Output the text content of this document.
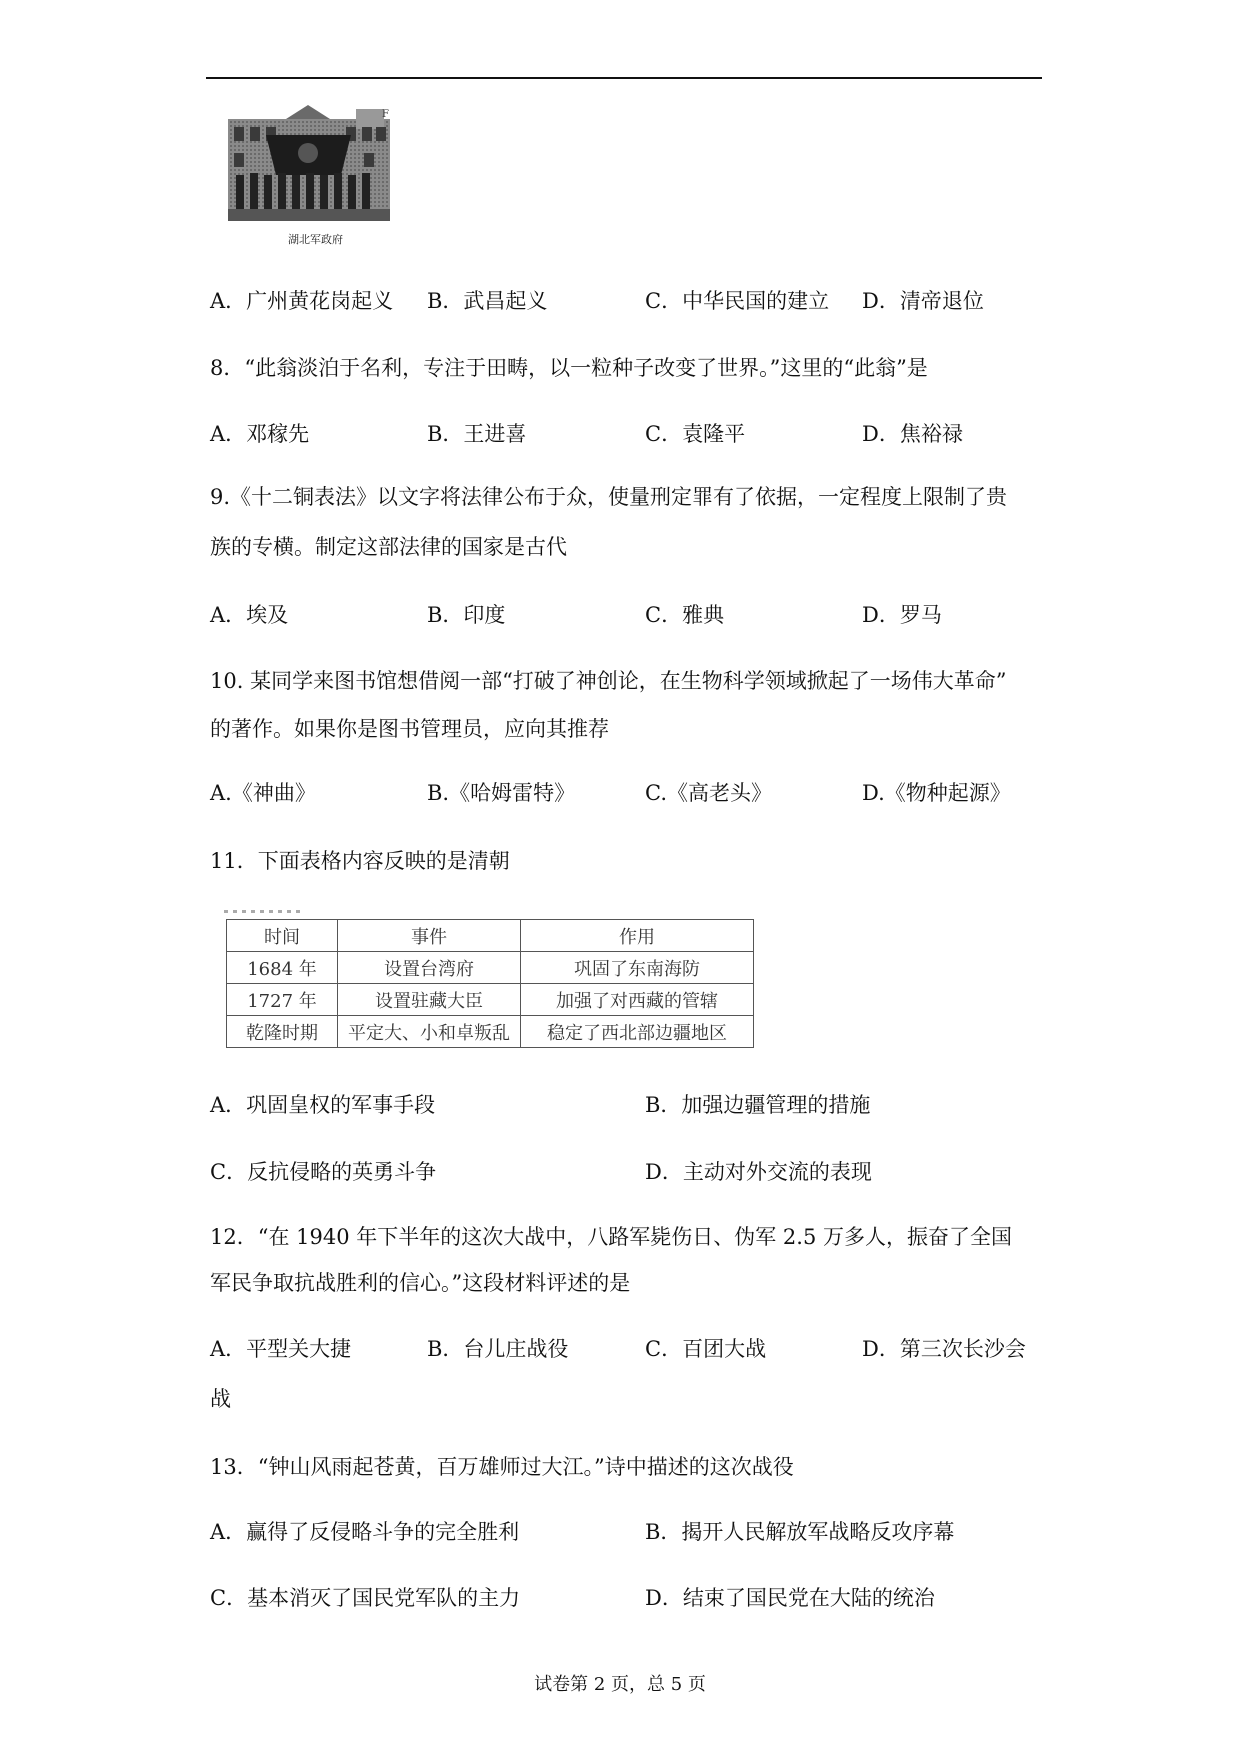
F
湖北军政府
A．广州黄花岗起义 B．武昌起义	C．中华民国的建立 D．清帝退位
8．“此翁淡泊于名利，专注于田畴，以一粒种子改变了世界。”这里的“此翁”是
A．邓稼先	B．王进喜	C．袁隆平	D．焦裕禄
9.《十二铜表法》以文字将法律公布于众，使量刑定罪有了依据，一定程度上限制了贵
族的专横。制定这部法律的国家是古代
A．埃及	B．印度	C．雅典	D．罗马
10. 某同学来图书馆想借阅一部“打破了神创论，在生物科学领域掀起了一场伟大革命”
的著作。如果你是图书管理员，应向其推荐
A.《神曲》	B.《哈姆雷特》	C.《高老头》	D.《物种起源》
11．下面表格内容反映的是清朝
时间	事件	作用
1684 年	设置台湾府	巩固了东南海防
1727 年	设置驻藏大臣	加强了对西藏的管辖
乾隆时期	平定大、小和卓叛乱	稳定了西北部边疆地区
A．巩固皇权的军事手段	B．加强边疆管理的措施
C．反抗侵略的英勇斗争	D．主动对外交流的表现
12．“在 1940 年下半年的这次大战中，八路军毙伤日、伪军 2.5 万多人，振奋了全国
军民争取抗战胜利的信心。”这段材料评述的是
A．平型关大捷	B．台儿庄战役	C．百团大战	D．第三次长沙会
战
13．“钟山风雨起苍黄，百万雄师过大江。”诗中描述的这次战役
A．赢得了反侵略斗争的完全胜利	B．揭开人民解放军战略反攻序幕
C．基本消灭了国民党军队的主力	D．结束了国民党在大陆的统治
试卷第 2 页，总 5 页
